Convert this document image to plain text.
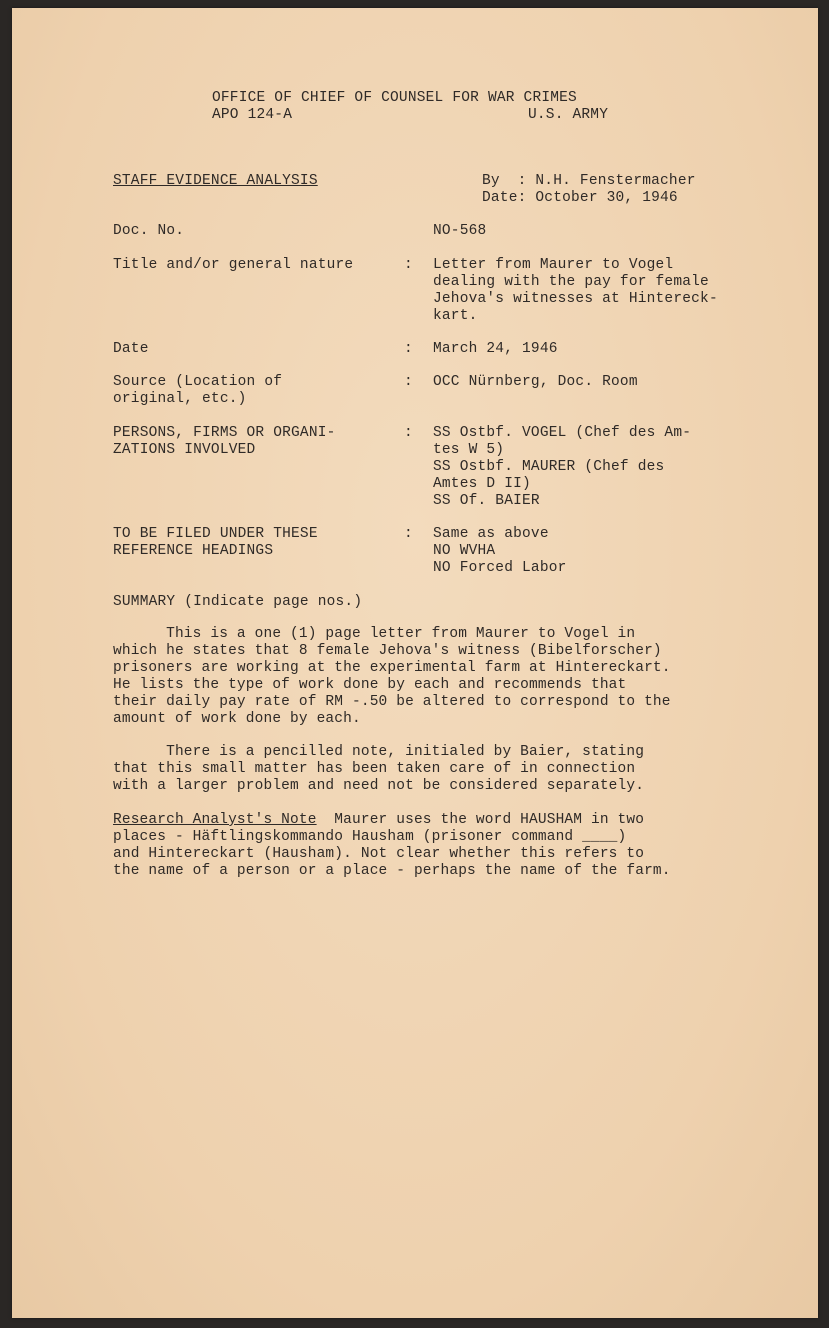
OFFICE OF CHIEF OF COUNSEL FOR WAR CRIMES
APO 124-A	U.S. ARMY
STAFF EVIDENCE ANALYSIS	By  : N.H. Fenstermacher
Date: October 30, 1946
Doc. No.	NO-568
Title and/or general nature	: Letter from Maurer to Vogel
dealing with the pay for female
Jehova's witnesses at Hintereck-
kart.
Date	: March 24, 1946
Source (Location of
original, etc.)
: OCC Nürnberg, Doc. Room
PERSONS, FIRMS OR ORGANI-
ZATIONS INVOLVED
: SS Ostbf. VOGEL (Chef des Am-
tes W 5)
SS Ostbf. MAURER (Chef des
Amtes D II)
SS Of. BAIER
TO BE FILED UNDER THESE
REFERENCE HEADINGS
: Same as above
NO WVHA
NO Forced Labor
SUMMARY (Indicate page nos.)
This is a one (1) page letter from Maurer to Vogel in
which he states that 8 female Jehova's witness (Bibelforscher)
prisoners are working at the experimental farm at Hintereckart.
He lists the type of work done by each and recommends that
their daily pay rate of RM -.50 be altered to correspond to the
amount of work done by each.
There is a pencilled note, initialed by Baier, stating
that this small matter has been taken care of in connection
with a larger problem and need not be considered separately.
Research Analyst's Note  Maurer uses the word HAUSHAM in two
places - Häftlingskommando Hausham (prisoner command ____)
and Hintereckart (Hausham). Not clear whether this refers to
the name of a person or a place - perhaps the name of the farm.
